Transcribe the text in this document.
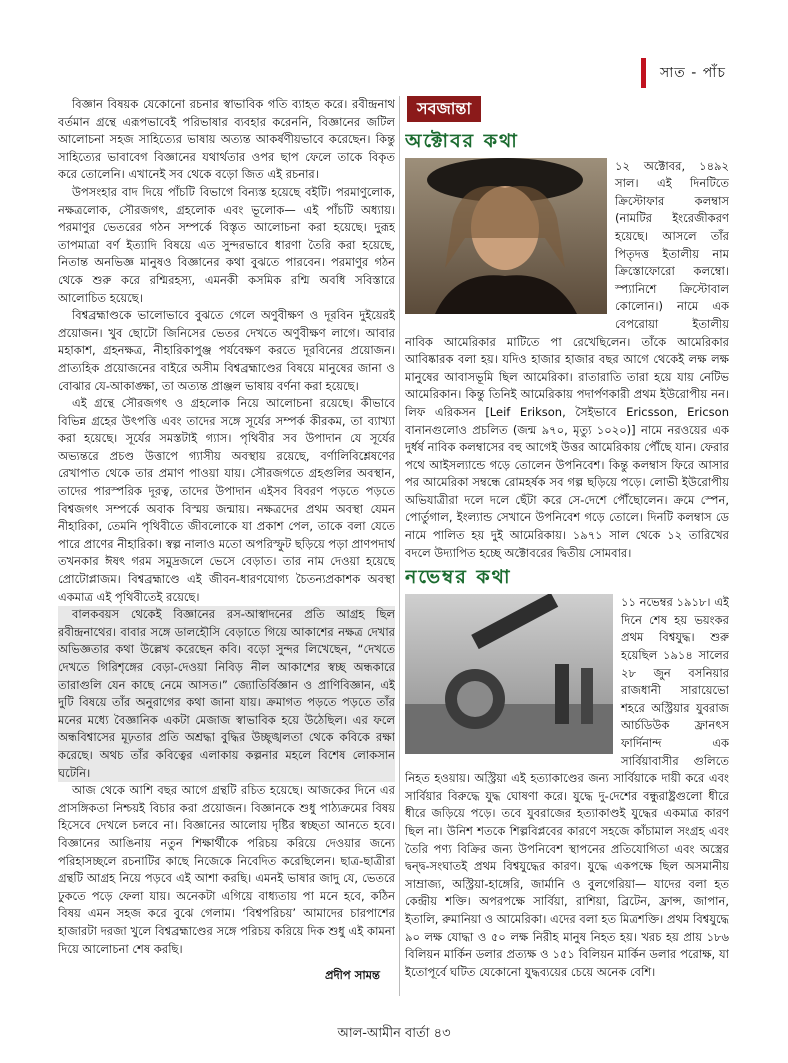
সাত - পাঁচ

বিজ্ঞান বিষয়ক যেকোনো রচনার স্বাভাবিক গতি ব্যাহত করে। রবীন্দ্রনাথ বর্তমান গ্রন্থে এরূপভাবেই পরিভাষার ব্যবহার করেননি, বিজ্ঞানের জটিল আলোচনা সহজ সাহিত্যের ভাষায় অত্যন্ত আকর্ষণীয়ভাবে করেছেন। কিন্তু সাহিত্যের ভাবাবেগ বিজ্ঞানের যথার্থতার ওপর ছাপ ফেলে তাকে বিকৃত করে তোলেনি। এখানেই সব থেকে বড়ো জিত এই রচনার।

উপসংহার বাদ দিয়ে পাঁচটি বিভাগে বিন্যস্ত হয়েছে বইটি। পরমাণুলোক, নক্ষত্রলোক, সৌরজগৎ, গ্রহলোক এবং ভূলোক— এই পাঁচটি অধ্যায়। পরমাণুর ভেতরের গঠন সম্পর্কে বিস্তৃত আলোচনা করা হয়েছে। দুরূহ তাপমাত্রা বর্ণ ইত্যাদি বিষয়ে এত সুন্দরভাবে ধারণা তৈরি করা হয়েছে, নিতান্ত অনভিজ্ঞ মানুষও বিজ্ঞানের কথা বুঝতে পারবেন। পরমাণুর গঠন থেকে শুরু করে রশ্মিরহস্য, এমনকী কসমিক রশ্মি অবধি সবিস্তারে আলোচিত হয়েছে।

বিশ্বব্রহ্মাণ্ডকে ভালোভাবে বুঝতে গেলে অণুবীক্ষণ ও দূরবিন দুইয়েরই প্রয়োজন। খুব ছোটো জিনিসের ভেতর দেখতে অণুবীক্ষণ লাগে। আবার মহাকাশ, গ্রহনক্ষত্র, নীহারিকাপুঞ্জ পর্যবেক্ষণ করতে দূরবিনের প্রয়োজন। প্রাত্যহিক প্রয়োজনের বাইরে অসীম বিশ্বব্রহ্মাণ্ডের বিষয়ে মানুষের জানা ও বোঝার যে-আকাঙ্ক্ষা, তা অত্যন্ত প্রাঞ্জল ভাষায় বর্ণনা করা হয়েছে।

এই গ্রন্থে সৌরজগৎ ও গ্রহলোক নিয়ে আলোচনা রয়েছে। কীভাবে বিভিন্ন গ্রহের উৎপত্তি এবং তাদের সঙ্গে সূর্যের সম্পর্ক কীরকম, তা ব্যাখ্যা করা হয়েছে। সূর্যের সমস্তটাই গ্যাস। পৃথিবীর সব উপাদান যে সূর্যের অভ্যন্তরে প্রচণ্ড উত্তাপে গ্যাসীয় অবস্থায় রয়েছে, বর্ণালিবিশ্লেষণের রেখাপাত থেকে তার প্রমাণ পাওয়া যায়। সৌরজগতে গ্রহগুলির অবস্থান, তাদের পারস্পরিক দূরত্ব, তাদের উপাদান এইসব বিবরণ পড়তে পড়তে বিশ্বজগৎ সম্পর্কে অবাক বিস্ময় জন্মায়। নক্ষত্রদের প্রথম অবস্থা যেমন নীহারিকা, তেমনি পৃথিবীতে জীবলোকে যা প্রকাশ পেল, তাকে বলা যেতে পারে প্রাণের নীহারিকা। স্বল্প নালাও মতো অপরিস্ফুট ছড়িয়ে পড়া প্রাণপদার্থ তখনকার ঈষৎ গরম সমুদ্রজলে ভেসে বেড়াত। তার নাম দেওয়া হয়েছে প্রোটোপ্লাজম। বিশ্বব্রহ্মাণ্ডে এই জীবন-ধারণযোগ্য চৈতন্যপ্রকাশক অবস্থা একমাত্র এই পৃথিবীতেই রয়েছে।

বালকবয়স থেকেই বিজ্ঞানের রস-আস্বাদনের প্রতি আগ্রহ ছিল রবীন্দ্রনাথের। বাবার সঙ্গে ডালহৌসি বেড়াতে গিয়ে আকাশের নক্ষত্র দেখার অভিজ্ঞতার কথা উল্লেখ করেছেন কবি। বড়ো সুন্দর লিখেছেন, “দেখতে দেখতে গিরিশৃঙ্গের বেড়া-দেওয়া নিবিড় নীল আকাশের স্বচ্ছ অন্ধকারে তারাগুলি যেন কাছে নেমে আসত।” জ্যোতির্বিজ্ঞান ও প্রাণিবিজ্ঞান, এই দুটি বিষয়ে তাঁর অনুরাগের কথা জানা যায়। ক্রমাগত পড়তে পড়তে তাঁর মনের মধ্যে বৈজ্ঞানিক একটা মেজাজ স্বাভাবিক হয়ে উঠেছিল। এর ফলে অন্ধবিশ্বাসের মূঢ়তার প্রতি অশ্রদ্ধা বুদ্ধির উচ্ছৃঙ্খলতা থেকে কবিকে রক্ষা করেছে। অথচ তাঁর কবিত্বের এলাকায় কল্পনার মহলে বিশেষ লোকসান ঘটেনি।

আজ থেকে আশি বছর আগে গ্রন্থটি রচিত হয়েছে। আজকের দিনে এর প্রাসঙ্গিকতা নিশ্চয়ই বিচার করা প্রয়োজন। বিজ্ঞানকে শুধু পাঠ্যক্রমের বিষয় হিসেবে দেখলে চলবে না। বিজ্ঞানের আলোয় দৃষ্টির স্বচ্ছতা আনতে হবে। বিজ্ঞানের আঙিনায় নতুন শিক্ষার্থীকে পরিচয় করিয়ে দেওয়ার জন্যে পরিহাসচ্ছলে রচনাটির কাছে নিজেকে নিবেদিত করেছিলেন। ছাত্র-ছাত্রীরা গ্রন্থটি আগ্রহ নিয়ে পড়বে এই আশা করছি। এমনই ভাষার জাদু যে, ভেতরে ঢুকতে পড়ে ফেলা যায়। অনেকটা এগিয়ে বাধ্যতায় পা মনে হবে, কঠিন বিষয় এমন সহজ করে বুঝে গেলাম। ‘বিশ্বপরিচয়’ আমাদের চারপাশের হাজারটা দরজা খুলে বিশ্বব্রহ্মাণ্ডের সঙ্গে পরিচয় করিয়ে দিক শুধু এই কামনা দিয়ে আলোচনা শেষ করছি।

প্রদীপ সামন্ত
সবজান্তা
অক্টোবর কথা

১২ অক্টোবর, ১৪৯২ সাল। এই দিনটিতে ক্রিস্টোফার কলম্বাস (নামটির ইংরেজীকরণ হয়েছে। আসলে তাঁর পিতৃদত্ত ইতালীয় নাম ক্রিস্তোফোরো কলম্বো। স্প্যানিশে ক্রিস্টোবাল কোলোন।) নামে এক বেপরোয়া ইতালীয় নাবিক আমেরিকার মাটিতে পা রেখেছিলেন। তাঁকে আমেরিকার আবিষ্কারক বলা হয়। যদিও হাজার হাজার বছর আগে থেকেই লক্ষ লক্ষ মানুষের আবাসভূমি ছিল আমেরিকা। রাতারাতি তারা হয়ে যায় নেটিভ আমেরিকান। কিন্তু তিনিই আমেরিকায় পদার্পণকারী প্রথম ইউরোপীয় নন। লিফ এরিকসন [Leif Erikson, সৈইভাবে Ericsson, Ericson বানানগুলোও প্রচলিত (জন্ম ৯৭০, মৃত্যু ১০২০)] নামে নরওয়ের এক দুর্ধর্ষ নাবিক কলম্বাসের বহু আগেই উত্তর আমেরিকায় পৌঁছে যান। ফেরার পথে আইসল্যান্ডে গড়ে তোলেন উপনিবেশ। কিন্তু কলম্বাস ফিরে আসার পর আমেরিকা সম্বন্ধে রোমহর্ষক সব গল্প ছড়িয়ে পড়ে। লোভী ইউরোপীয় অভিযাত্রীরা দলে দলে ছেঁটা করে সে-দেশে পৌঁছোলেন। ক্রমে স্পেন, পোর্তুগাল, ইংল্যান্ড সেখানে উপনিবেশ গড়ে তোলে। দিনটি কলম্বাস ডে নামে পালিত হয় দুই আমেরিকায়। ১৯৭১ সাল থেকে ১২ তারিখের বদলে উদ্যাপিত হচ্ছে অক্টোবরের দ্বিতীয় সোমবার।

নভেম্বর কথা

১১ নভেম্বর ১৯১৮। এই দিনে শেষ হয় ভয়ংকর প্রথম বিশ্বযুদ্ধ। শুরু হয়েছিল ১৯১৪ সালের ২৮ জুন বসনিয়ার রাজধানী সারায়েভো শহরে অস্ট্রিয়ার যুবরাজ আর্চডিউক ফ্রানৎস ফার্দিনান্দ এক সার্বিয়াবাসীর গুলিতে নিহত হওয়ায়। অস্ট্রিয়া এই হত্যাকাণ্ডের জন্য সার্বিয়াকে দায়ী করে এবং সার্বিয়ার বিরুদ্ধে যুদ্ধ ঘোষণা করে। যুদ্ধে দু-দেশের বন্ধুরাষ্ট্রগুলো ধীরে ধীরে জড়িয়ে পড়ে। তবে যুবরাজের হত্যাকাণ্ডই যুদ্ধের একমাত্র কারণ ছিল না। উনিশ শতকে শিল্পবিপ্লবের কারণে সহজে কাঁচামাল সংগ্রহ এবং তৈরি পণ্য বিক্রির জন্য উপনিবেশ স্থাপনের প্রতিযোগিতা এবং অস্ত্রের দ্বন্দ্ব-সংঘাতই প্রথম বিশ্বযুদ্ধের কারণ। যুদ্ধে একপক্ষে ছিল অসমানীয় সাম্রাজ্য, অস্ট্রিয়া-হাঙ্গেরি, জার্মানি ও বুলগেরিয়া— যাদের বলা হত কেন্দ্রীয় শক্তি। অপরপক্ষে সার্বিয়া, রাশিয়া, ব্রিটেন, ফ্রান্স, জাপান, ইতালি, রুমানিয়া ও আমেরিকা। এদের বলা হত মিত্রশক্তি। প্রথম বিশ্বযুদ্ধে ৯০ লক্ষ যোদ্ধা ও ৫০ লক্ষ নিরীহ মানুষ নিহত হয়। খরচ হয় প্রায় ১৮৬ বিলিয়ন মার্কিন ডলার প্রত্যক্ষ ও ১৫১ বিলিয়ন মার্কিন ডলার পরোক্ষ, যা ইতোপূর্বে ঘটিত যেকোনো যুদ্ধব্যয়ের চেয়ে অনেক বেশি।

আল-আমীন বার্তা ৪৩
